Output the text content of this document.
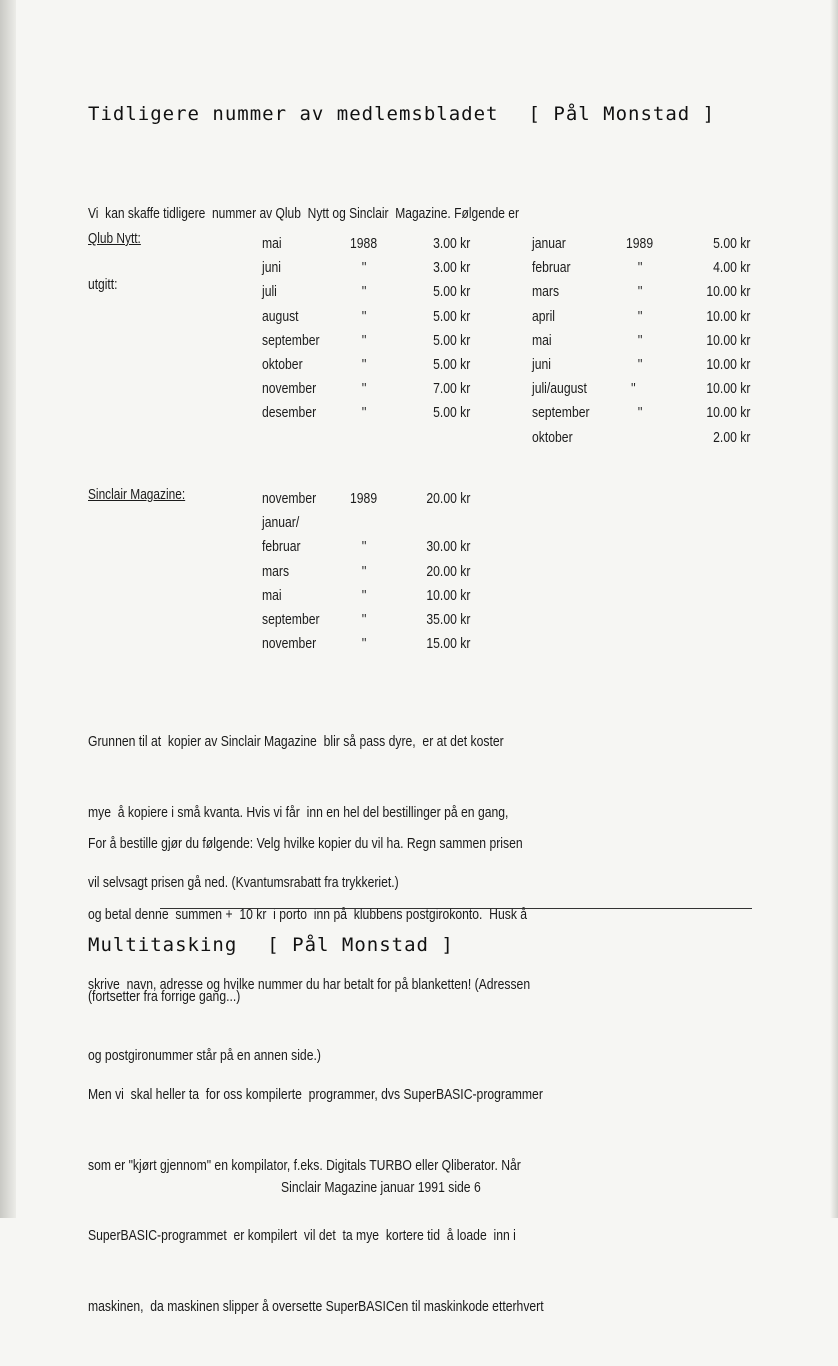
Tidligere nummer av medlemsbladet [ Pål Monstad ]

Vi  kan skaffe tidligere  nummer av Qlub  Nytt og Sinclair  Magazine. Følgende er

utgitt:

Qlub Nytt:	mai
juni
juli
august
september
oktober
november
desember
1988
''
''
''
''
''
''
''
3.00 kr
3.00 kr
5.00 kr
5.00 kr
5.00 kr
5.00 kr
7.00 kr
5.00 kr
januar
februar
mars
april
mai
juni
juli/august
september
oktober
1989
''
''
''
''
''
''
''
5.00 kr
4.00 kr
10.00 kr
10.00 kr
10.00 kr
10.00 kr
10.00 kr
10.00 kr
2.00 kr
Sinclair Magazine:	november
januar/
februar
mars
mai
september
november
1989
''
''
''
''
''
20.00 kr
30.00 kr
20.00 kr
10.00 kr
35.00 kr
15.00 kr

Grunnen til at  kopier av Sinclair Magazine  blir så pass dyre,  er at det koster

mye  å kopiere i små kvanta. Hvis vi får  inn en hel del bestillinger på en gang,

vil selvsagt prisen gå ned. (Kvantumsrabatt fra trykkeriet.)

For å bestille gjør du følgende: Velg hvilke kopier du vil ha. Regn sammen prisen

og betal denne  summen +  10 kr  i porto  inn på  klubbens postgirokonto.  Husk å

skrive  navn, adresse og hvilke nummer du har betalt for på blanketten! (Adressen

og postgironummer står på en annen side.)

Multitasking [ Pål Monstad ]
(fortsetter fra forrige gang...)

Men vi  skal heller ta  for oss kompilerte  programmer, dvs SuperBASIC-programmer

som er "kjørt gjennom" en kompilator, f.eks. Digitals TURBO eller Qliberator. Når

SuperBASIC-programmet  er kompilert  vil det  ta mye  kortere tid  å loade  inn i

maskinen,  da maskinen slipper å oversette SuperBASICen til maskinkode etterhvert

Sinclair Magazine januar 1991 side 6
